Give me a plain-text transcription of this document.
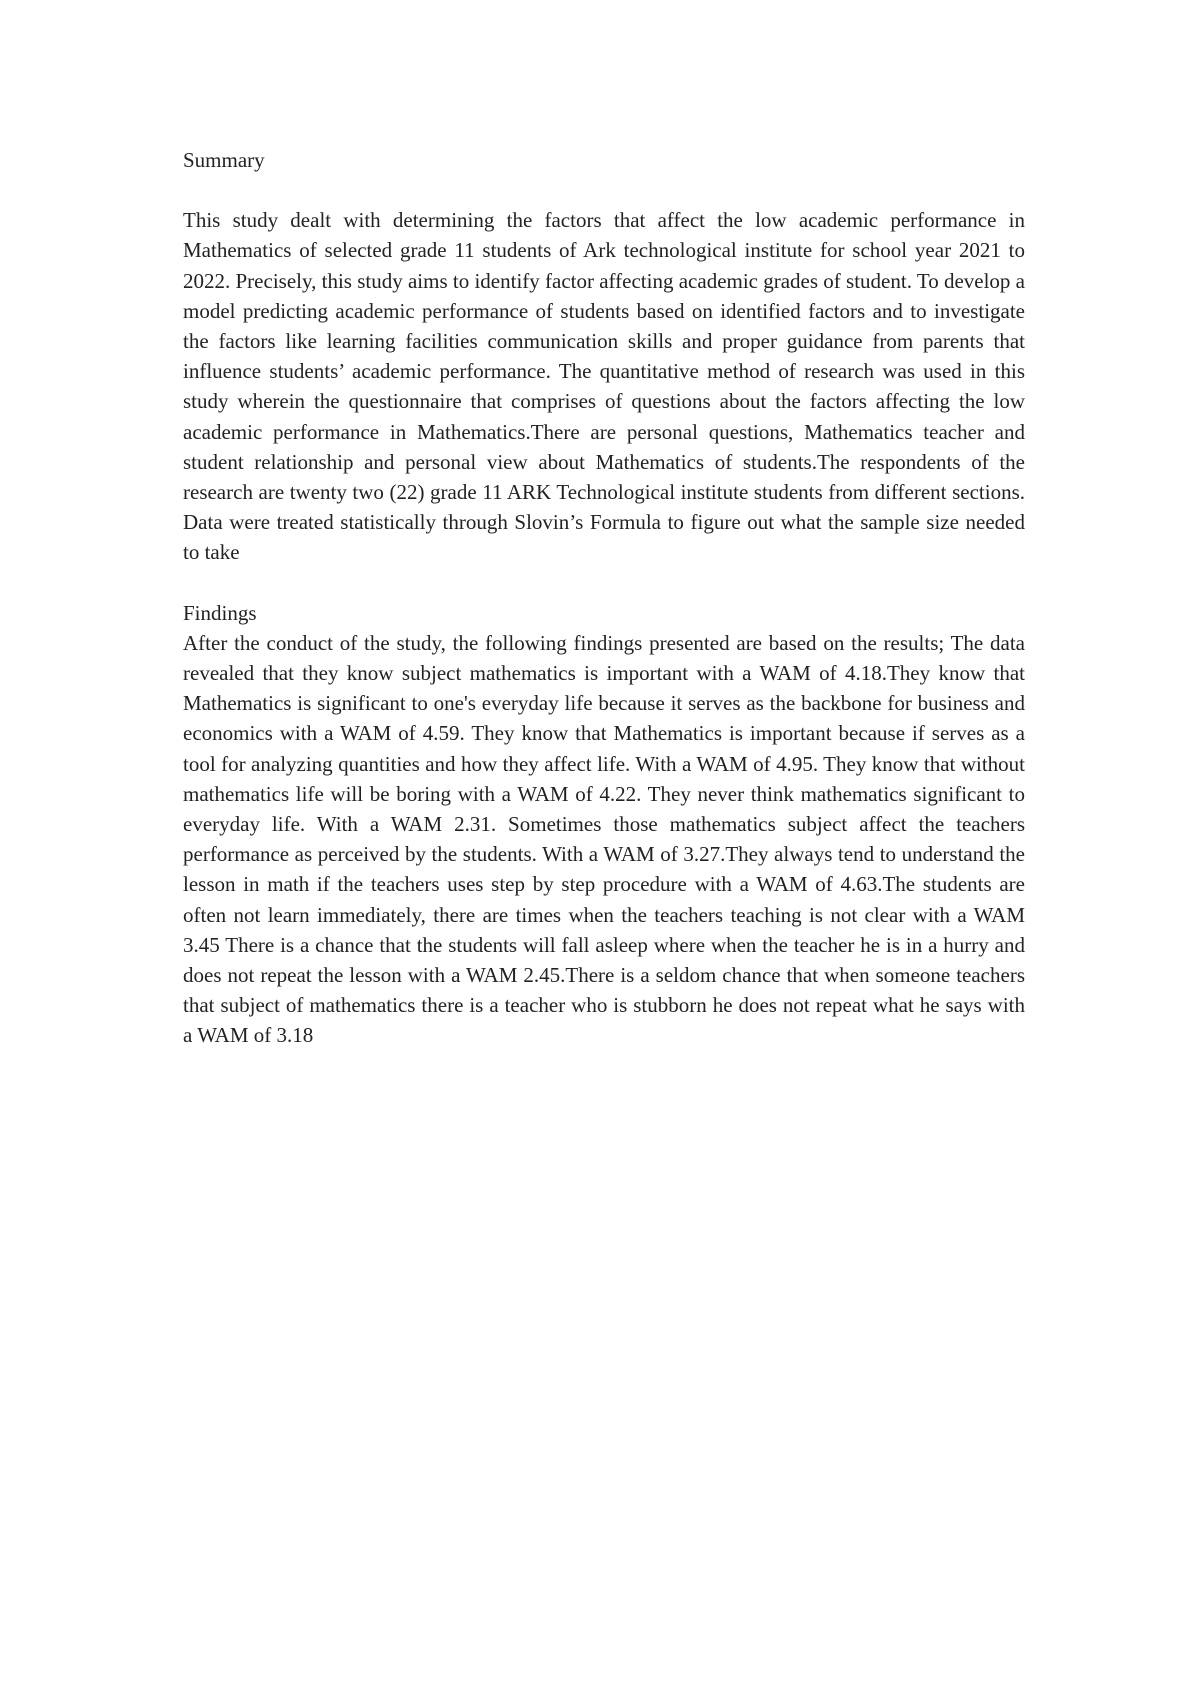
Summary

This study dealt with determining the factors that affect the low academic performance in Mathematics of selected grade 11 students of Ark technological institute for school year 2021 to 2022. Precisely, this study aims to identify factor affecting academic grades of student. To develop a model predicting academic performance of students based on identified factors and to investigate the factors like learning facilities communication skills and proper guidance from parents that influence students’ academic performance. The quantitative method of research was used in this study wherein the questionnaire that comprises of questions about the factors affecting the low academic performance in Mathematics.There are personal questions, Mathematics teacher and student relationship and personal view about Mathematics of students.The respondents of the research are twenty two (22) grade 11 ARK Technological institute students from different sections. Data were treated statistically through Slovin’s Formula to figure out what the sample size needed to take

Findings

After the conduct of the study, the following findings presented are based on the results; The data revealed that they know subject mathematics is important with a WAM of 4.18.They know that Mathematics is significant to one's everyday life because it serves as the backbone for business and economics with a WAM of 4.59. They know that Mathematics is important because if serves as a tool for analyzing quantities and how they affect life. With a WAM of 4.95. They know that without mathematics life will be boring with a WAM of 4.22. They never think mathematics significant to everyday life. With a WAM 2.31. Sometimes those mathematics subject affect the teachers performance as perceived by the students. With a WAM of 3.27.They always tend to understand the lesson in math if the teachers uses step by step procedure with a WAM of 4.63.The students are often not learn immediately, there are times when the teachers teaching is not clear with a WAM 3.45 There is a chance that the students will fall asleep where when the teacher he is in a hurry and does not repeat the lesson with a WAM 2.45.There is a seldom chance that when someone teachers that subject of mathematics there is a teacher who is stubborn he does not repeat what he says with a WAM of 3.18
